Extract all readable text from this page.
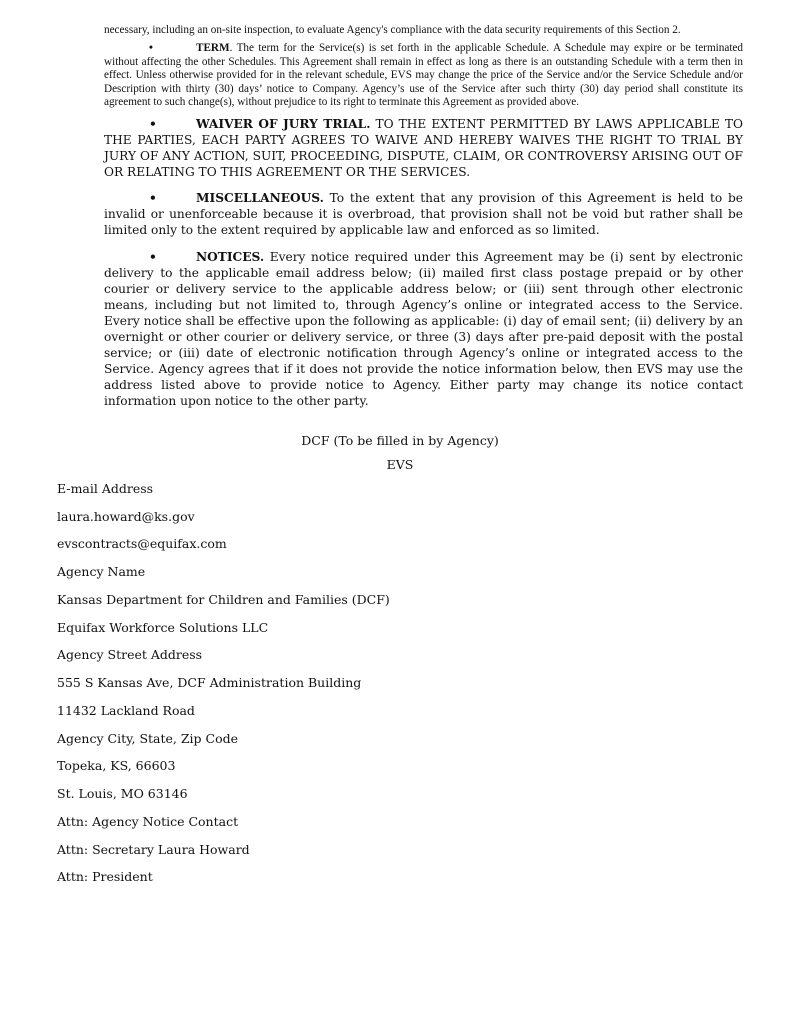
necessary, including an on-site inspection, to evaluate Agency's compliance with the data security requirements of this Section 2.
•	TERM. The term for the Service(s) is set forth in the applicable Schedule. A Schedule may expire or be terminated without affecting the other Schedules. This Agreement shall remain in effect as long as there is an outstanding Schedule with a term then in effect. Unless otherwise provided for in the relevant schedule, EVS may change the price of the Service and/or the Service Schedule and/or Description with thirty (30) days’ notice to Company. Agency’s use of the Service after such thirty (30) day period shall constitute its agreement to such change(s), without prejudice to its right to terminate this Agreement as provided above.
•	WAIVER OF JURY TRIAL. TO THE EXTENT PERMITTED BY LAWS APPLICABLE TO THE PARTIES, EACH PARTY AGREES TO WAIVE AND HEREBY WAIVES THE RIGHT TO TRIAL BY JURY OF ANY ACTION, SUIT, PROCEEDING, DISPUTE, CLAIM, OR CONTROVERSY ARISING OUT OF OR RELATING TO THIS AGREEMENT OR THE SERVICES.
•	MISCELLANEOUS. To the extent that any provision of this Agreement is held to be invalid or unenforceable because it is overbroad, that provision shall not be void but rather shall be limited only to the extent required by applicable law and enforced as so limited.
•	NOTICES. Every notice required under this Agreement may be (i) sent by electronic delivery to the applicable email address below; (ii) mailed first class postage prepaid or by other courier or delivery service to the applicable address below; or (iii) sent through other electronic means, including but not limited to, through Agency’s online or integrated access to the Service. Every notice shall be effective upon the following as applicable: (i) day of email sent; (ii) delivery by an overnight or other courier or delivery service, or three (3) days after pre-paid deposit with the postal service; or (iii) date of electronic notification through Agency’s online or integrated access to the Service. Agency agrees that if it does not provide the notice information below, then EVS may use the address listed above to provide notice to Agency. Either party may change its notice contact information upon notice to the other party.
DCF (To be filled in by Agency)
EVS
E-mail Address
laura.howard@ks.gov
evscontracts@equifax.com
Agency Name
Kansas Department for Children and Families (DCF)
Equifax Workforce Solutions LLC
Agency Street Address
555 S Kansas Ave, DCF Administration Building
11432 Lackland Road
Agency City, State, Zip Code
Topeka, KS, 66603
St. Louis, MO 63146
Attn: Agency Notice Contact
Attn: Secretary Laura Howard
Attn: President
